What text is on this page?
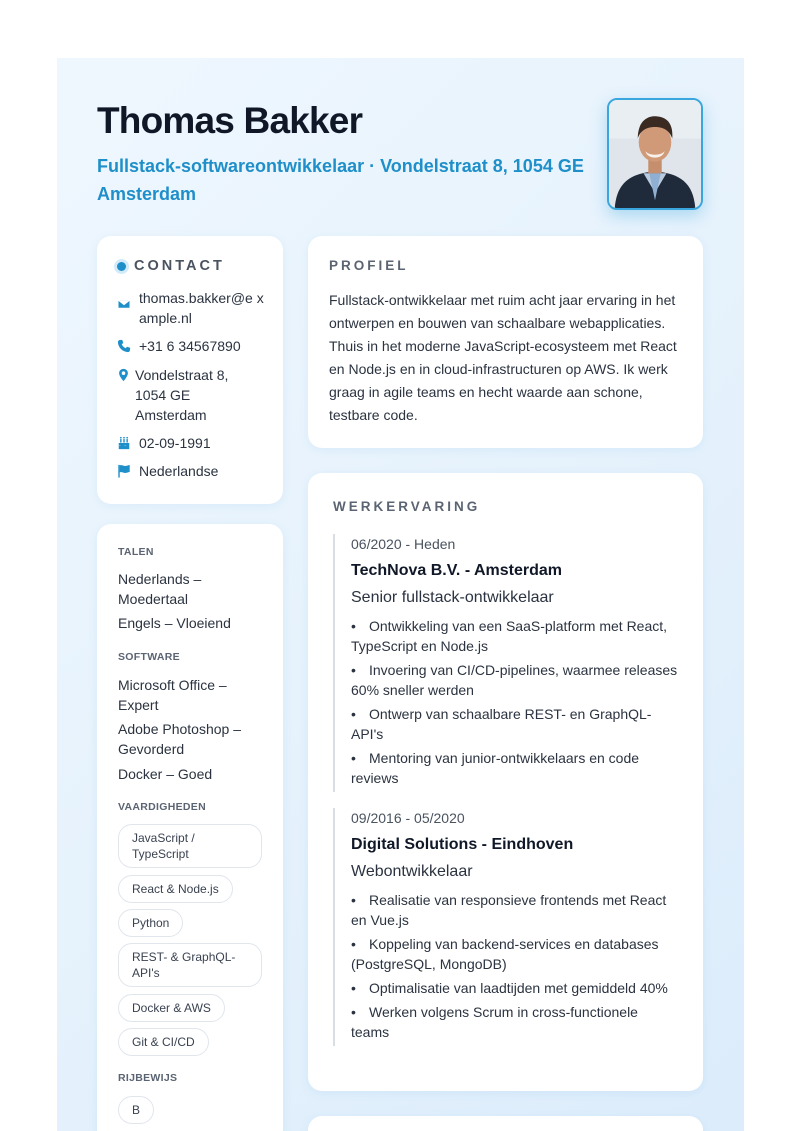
Thomas Bakker
Fullstack-softwareontwikkelaar · Vondelstraat 8, 1054 GE Amsterdam
CONTACT
thomas.bakker@e xample.nl
+31 6 34567890
Vondelstraat 8, 1054 GE Amsterdam
02-09-1991
Nederlandse
TALEN
Nederlands – Moedertaal
Engels – Vloeiend
SOFTWARE
Microsoft Office – Expert
Adobe Photoshop – Gevorderd
Docker – Goed
VAARDIGHEDEN
JavaScript / TypeScript
React & Node.js
Python
REST- & GraphQL-API's
Docker & AWS
Git & CI/CD
RIJBEWIJS
B
PROFIEL
Fullstack-ontwikkelaar met ruim acht jaar ervaring in het ontwerpen en bouwen van schaalbare webapplicaties. Thuis in het moderne JavaScript-ecosysteem met React en Node.js en in cloud-infrastructuren op AWS. Ik werk graag in agile teams en hecht waarde aan schone, testbare code.
WERKERVARING
06/2020 - Heden
TechNova B.V. - Amsterdam
Senior fullstack-ontwikkelaar
• Ontwikkeling van een SaaS-platform met React, TypeScript en Node.js
• Invoering van CI/CD-pipelines, waarmee releases 60% sneller werden
• Ontwerp van schaalbare REST- en GraphQL-API's
• Mentoring van junior-ontwikkelaars en code reviews
09/2016 - 05/2020
Digital Solutions - Eindhoven
Webontwikkelaar
• Realisatie van responsieve frontends met React en Vue.js
• Koppeling van backend-services en databases (PostgreSQL, MongoDB)
• Optimalisatie van laadtijden met gemiddeld 40%
• Werken volgens Scrum in cross-functionele teams
